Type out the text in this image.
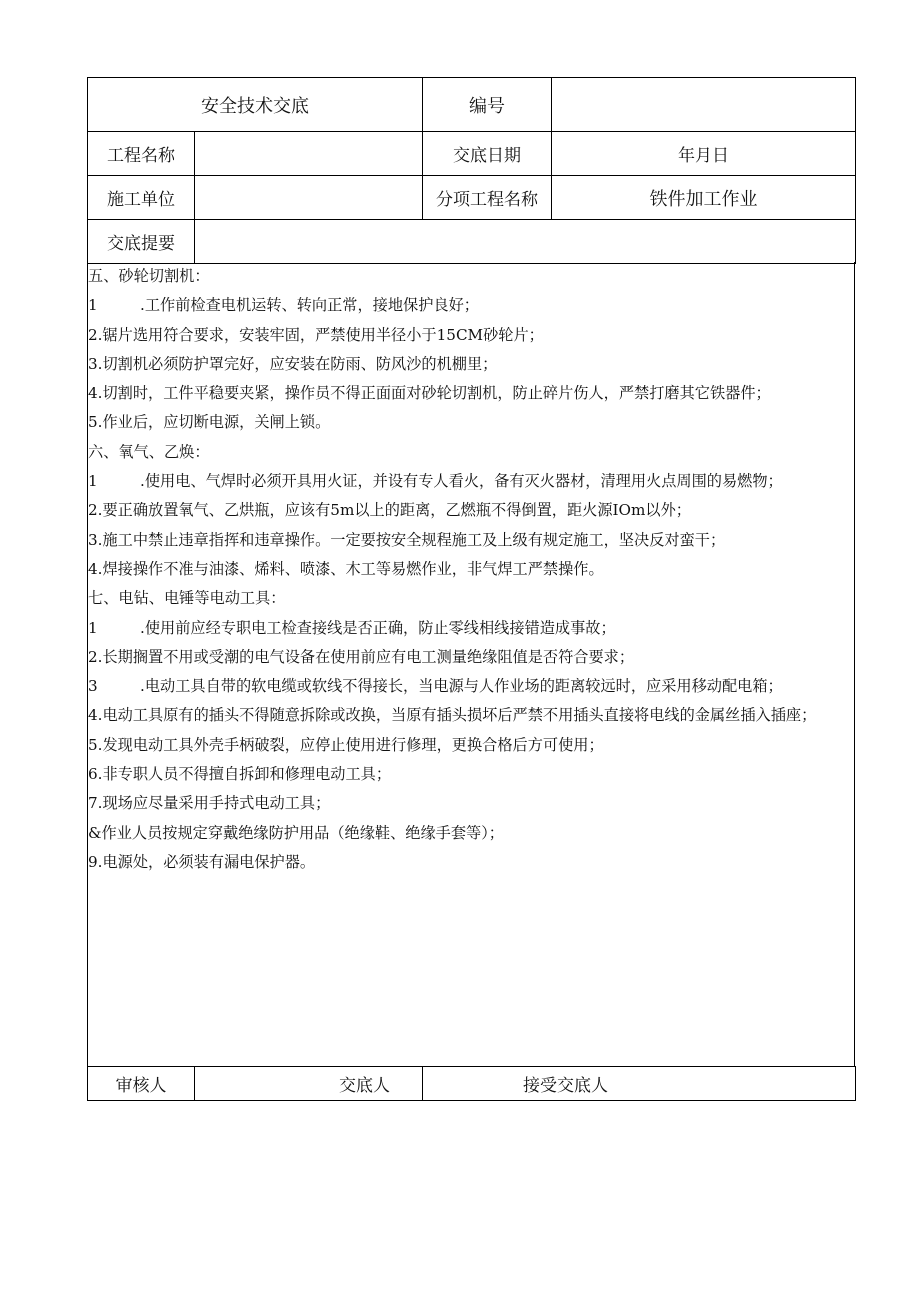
安全技术交底		编号	
工程名称		交底日期	年月日
施工单位		分项工程名称	铁件加工作业
交底提要			
五、砂轮切割机：
1	.工作前检查电机运转、转向正常，接地保护良好；
2.锯片选用符合要求，安装牢固，严禁使用半径小于15CM砂轮片；
3.切割机必须防护罩完好，应安装在防雨、防风沙的机棚里；
4.切割时，工件平稳要夹紧，操作员不得正面面对砂轮切割机，防止碎片伤人，严禁打磨其它铁器件；
5.作业后，应切断电源，关闸上锁。
六、氧气、乙焕：
1	.使用电、气焊时必须开具用火证，并设有专人看火，备有灭火器材，清理用火点周围的易燃物；
2.要正确放置氧气、乙烘瓶，应该有5m以上的距离，乙燃瓶不得倒置，距火源IOm以外；
3.施工中禁止违章指挥和违章操作。一定要按安全规程施工及上级有规定施工，坚决反对蛮干；
4.焊接操作不准与油漆、烯料、喷漆、木工等易燃作业，非气焊工严禁操作。
七、电钻、电锤等电动工具：
1	.使用前应经专职电工检查接线是否正确，防止零线相线接错造成事故；
2.长期搁置不用或受潮的电气设备在使用前应有电工测量绝缘阻值是否符合要求；
3	.电动工具自带的软电缆或软线不得接长，当电源与人作业场的距离较远时，应采用移动配电箱；
4.电动工具原有的插头不得随意拆除或改换，当原有插头损坏后严禁不用插头直接将电线的金属丝插入插座；
5.发现电动工具外壳手柄破裂，应停止使用进行修理，更换合格后方可使用；
6.非专职人员不得擅自拆卸和修理电动工具；
7.现场应尽量采用手持式电动工具；
&作业人员按规定穿戴绝缘防护用品（绝缘鞋、绝缘手套等）；
9.电源处，必须装有漏电保护器。
审核人	交底人	接受交底人
